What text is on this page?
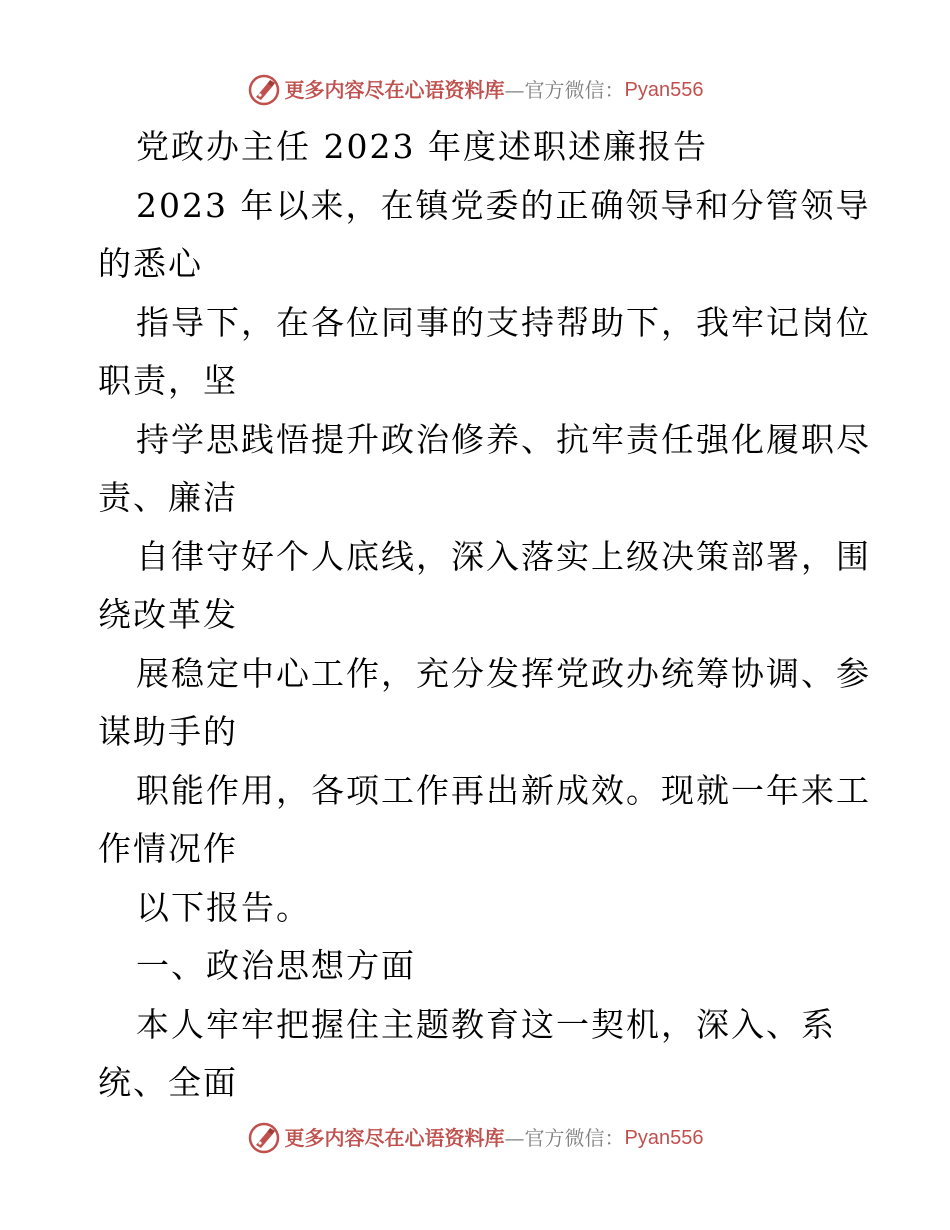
更多内容尽在心语资料库 — 官方微信： Pyan556
党政办主任 2023 年度述职述廉报告
2023 年以来，在镇党委的正确领导和分管领导
的悉心
指导下，在各位同事的支持帮助下，我牢记岗位
职责，坚
持学思践悟提升政治修养、抗牢责任强化履职尽
责、廉洁
自律守好个人底线，深入落实上级决策部署，围
绕改革发
展稳定中心工作，充分发挥党政办统筹协调、参
谋助手的
职能作用，各项工作再出新成效。现就一年来工
作情况作
以下报告。
一、政治思想方面
本人牢牢把握住主题教育这一契机，深入、系
统、全面
更多内容尽在心语资料库 — 官方微信： Pyan556
